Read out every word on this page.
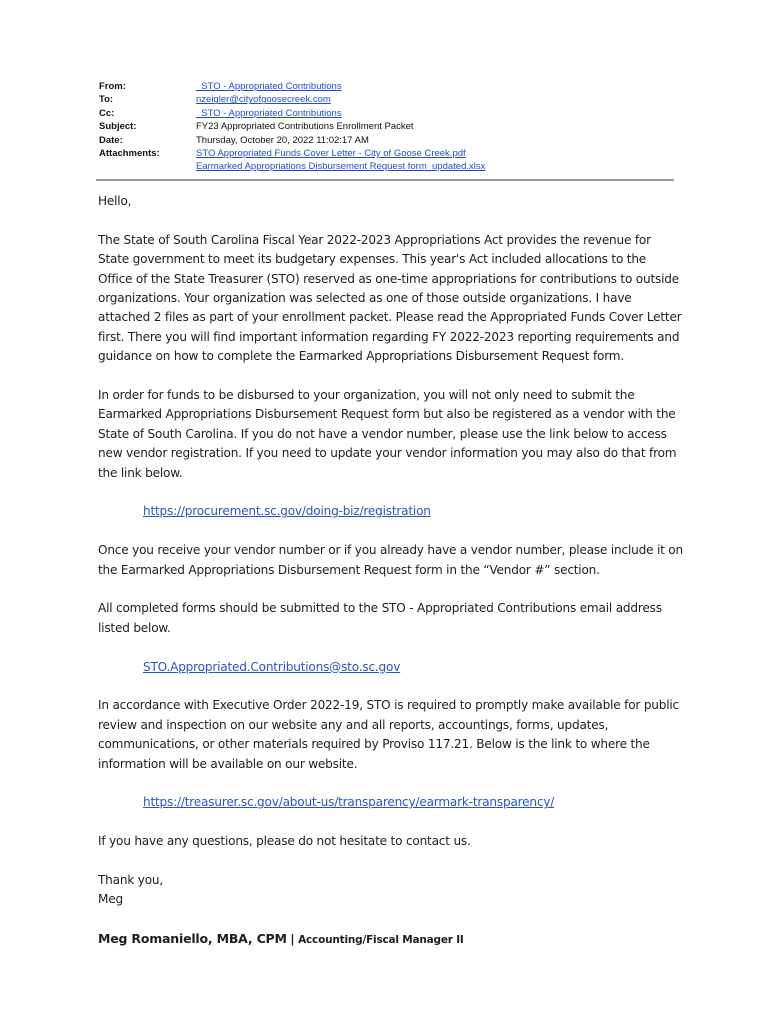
From:	_STO - Appropriated Contributions
To:	nzeigler@cityofgoosecreek.com
Cc:	_STO - Appropriated Contributions
Subject:	FY23 Appropriated Contributions Enrollment Packet
Date:	Thursday, October 20, 2022 11:02:17 AM
Attachments:	STO Appropriated Funds Cover Letter - City of Goose Creek.pdf
Earmarked Appropriations Disbursement Request form_updated.xlsx

Hello,

The State of South Carolina Fiscal Year 2022-2023 Appropriations Act provides the revenue for State government to meet its budgetary expenses. This year's Act included allocations to the Office of the State Treasurer (STO) reserved as one-time appropriations for contributions to outside organizations. Your organization was selected as one of those outside organizations. I have attached 2 files as part of your enrollment packet. Please read the Appropriated Funds Cover Letter first. There you will find important information regarding FY 2022-2023 reporting requirements and guidance on how to complete the Earmarked Appropriations Disbursement Request form.

In order for funds to be disbursed to your organization, you will not only need to submit the Earmarked Appropriations Disbursement Request form but also be registered as a vendor with the State of South Carolina. If you do not have a vendor number, please use the link below to access new vendor registration. If you need to update your vendor information you may also do that from the link below.

https://procurement.sc.gov/doing-biz/registration

Once you receive your vendor number or if you already have a vendor number, please include it on the Earmarked Appropriations Disbursement Request form in the “Vendor #” section.

All completed forms should be submitted to the STO - Appropriated Contributions email address listed below.

STO.Appropriated.Contributions@sto.sc.gov

In accordance with Executive Order 2022-19, STO is required to promptly make available for public review and inspection on our website any and all reports, accountings, forms, updates, communications, or other materials required by Proviso 117.21. Below is the link to where the information will be available on our website.

https://treasurer.sc.gov/about-us/transparency/earmark-transparency/

If you have any questions, please do not hesitate to contact us.

Thank you,
Meg
Meg Romaniello, MBA, CPM | Accounting/Fiscal Manager II
